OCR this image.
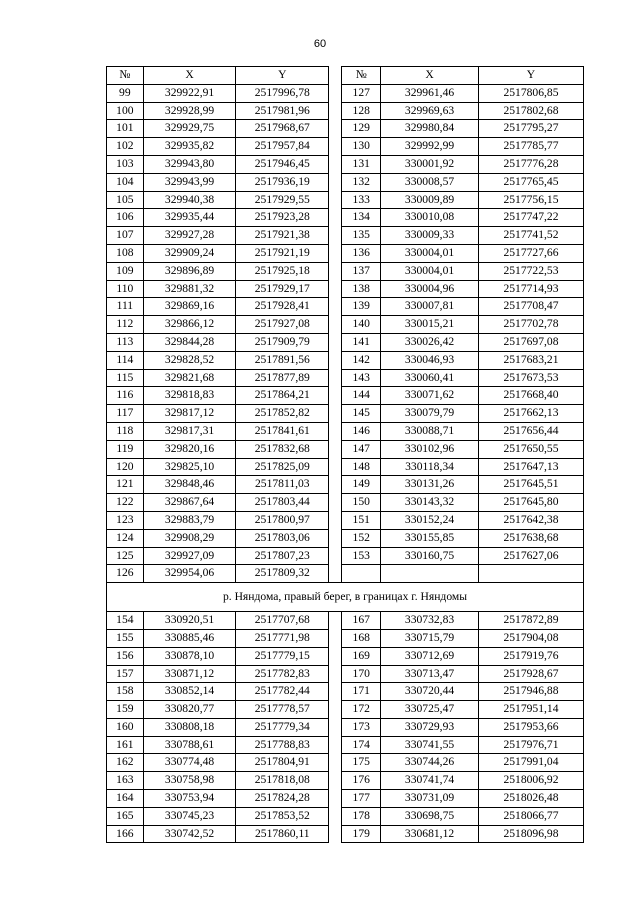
60
№	X	Y		№	X	Y
99	329922,91	2517996,78		127	329961,46	2517806,85
100	329928,99	2517981,96		128	329969,63	2517802,68
101	329929,75	2517968,67		129	329980,84	2517795,27
102	329935,82	2517957,84		130	329992,99	2517785,77
103	329943,80	2517946,45		131	330001,92	2517776,28
104	329943,99	2517936,19		132	330008,57	2517765,45
105	329940,38	2517929,55		133	330009,89	2517756,15
106	329935,44	2517923,28		134	330010,08	2517747,22
107	329927,28	2517921,38		135	330009,33	2517741,52
108	329909,24	2517921,19		136	330004,01	2517727,66
109	329896,89	2517925,18		137	330004,01	2517722,53
110	329881,32	2517929,17		138	330004,96	2517714,93
111	329869,16	2517928,41		139	330007,81	2517708,47
112	329866,12	2517927,08		140	330015,21	2517702,78
113	329844,28	2517909,79		141	330026,42	2517697,08
114	329828,52	2517891,56		142	330046,93	2517683,21
115	329821,68	2517877,89		143	330060,41	2517673,53
116	329818,83	2517864,21		144	330071,62	2517668,40
117	329817,12	2517852,82		145	330079,79	2517662,13
118	329817,31	2517841,61		146	330088,71	2517656,44
119	329820,16	2517832,68		147	330102,96	2517650,55
120	329825,10	2517825,09		148	330118,34	2517647,13
121	329848,46	2517811,03		149	330131,26	2517645,51
122	329867,64	2517803,44		150	330143,32	2517645,80
123	329883,79	2517800,97		151	330152,24	2517642,38
124	329908,29	2517803,06		152	330155,85	2517638,68
125	329927,09	2517807,23		153	330160,75	2517627,06
126	329954,06	2517809,32				
р. Няндома, правый берег, в границах г. Няндомы						
154	330920,51	2517707,68		167	330732,83	2517872,89
155	330885,46	2517771,98		168	330715,79	2517904,08
156	330878,10	2517779,15		169	330712,69	2517919,76
157	330871,12	2517782,83		170	330713,47	2517928,67
158	330852,14	2517782,44		171	330720,44	2517946,88
159	330820,77	2517778,57		172	330725,47	2517951,14
160	330808,18	2517779,34		173	330729,93	2517953,66
161	330788,61	2517788,83		174	330741,55	2517976,71
162	330774,48	2517804,91		175	330744,26	2517991,04
163	330758,98	2517818,08		176	330741,74	2518006,92
164	330753,94	2517824,28		177	330731,09	2518026,48
165	330745,23	2517853,52		178	330698,75	2518066,77
166	330742,52	2517860,11		179	330681,12	2518096,98
